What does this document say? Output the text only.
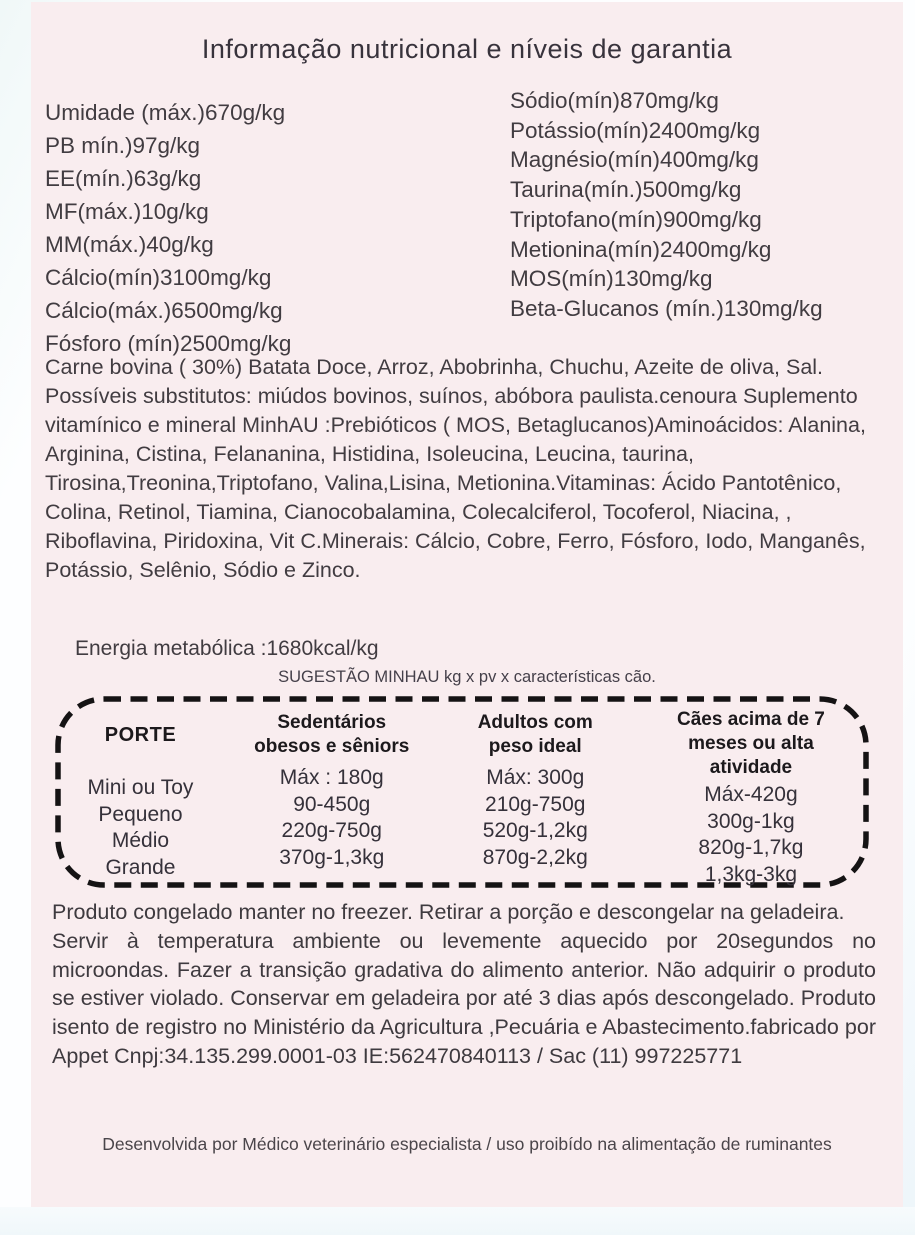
Informação nutricional e níveis de garantia
Umidade (máx.)670g/kg
PB mín.)97g/kg
EE(mín.)63g/kg
MF(máx.)10g/kg
MM(máx.)40g/kg
Cálcio(mín)3100mg/kg
Cálcio(máx.)6500mg/kg
Fósforo (mín)2500mg/kg
Sódio(mín)870mg/kg
Potássio(mín)2400mg/kg
Magnésio(mín)400mg/kg
Taurina(mín.)500mg/kg
Triptofano(mín)900mg/kg
Metionina(mín)2400mg/kg
MOS(mín)130mg/kg
Beta-Glucanos (mín.)130mg/kg

Carne bovina ( 30%) Batata Doce, Arroz, Abobrinha, Chuchu, Azeite de oliva, Sal. Possíveis substitutos: miúdos bovinos, suínos, abóbora paulista.cenoura Suplemento vitamínico e mineral MinhAU :Prebióticos ( MOS, Betaglucanos)Aminoácidos: Alanina, Arginina, Cistina, Felananina, Histidina, Isoleucina, Leucina, taurina, Tirosina,Treonina,Triptofano, Valina,Lisina, Metionina.Vitaminas: Ácido Pantotênico, Colina, Retinol, Tiamina, Cianocobalamina, Colecalciferol, Tocoferol, Niacina, , Riboflavina, Piridoxina, Vit C.Minerais: Cálcio, Cobre, Ferro, Fósforo, Iodo, Manganês, Potássio, Selênio, Sódio e Zinco.

Energia metabólica :1680kcal/kg
SUGESTÃO MINHAU kg x pv x características cão.
PORTE
Mini ou Toy
Pequeno
Médio
Grande
Sedentários obesos e sêniors
Máx : 180g
90-450g
220g-750g
370g-1,3kg
Adultos com peso ideal
Máx: 300g
210g-750g
520g-1,2kg
870g-2,2kg
Cães acima de 7 meses ou alta atividade
Máx-420g
300g-1kg
820g-1,7kg
1,3kg-3kg

Produto congelado manter no freezer. Retirar a porção e descongelar na geladeira.

Servir à temperatura ambiente ou levemente aquecido por 20segundos no microondas. Fazer a transição gradativa do alimento anterior. Não adquirir o produto se estiver violado. Conservar em geladeira por até 3 dias após descongelado. Produto isento de registro no Ministério da Agricultura ,Pecuária e Abastecimento.fabricado por Appet Cnpj:34.135.299.0001-03 IE:562470840113 / Sac (11) 997225771

Desenvolvida por Médico veterinário especialista / uso proibído na alimentação de ruminantes
